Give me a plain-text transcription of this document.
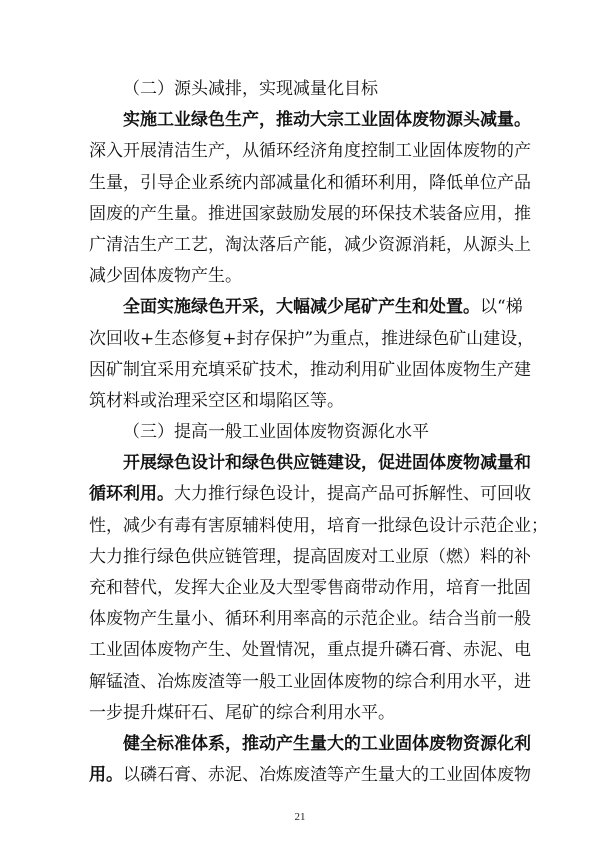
（二）源头减排，实现减量化目标
实施工业绿色生产，推动大宗工业固体废物源头减量。
深入开展清洁生产，从循环经济角度控制工业固体废物的产
生量，引导企业系统内部减量化和循环利用，降低单位产品
固废的产生量。推进国家鼓励发展的环保技术装备应用，推
广清洁生产工艺，淘汰落后产能，减少资源消耗，从源头上
减少固体废物产生。
全面实施绿色开采，大幅减少尾矿产生和处置。以“梯
次回收+生态修复+封存保护”为重点，推进绿色矿山建设，
因矿制宜采用充填采矿技术，推动利用矿业固体废物生产建
筑材料或治理采空区和塌陷区等。
（三）提高一般工业固体废物资源化水平
开展绿色设计和绿色供应链建设，促进固体废物减量和
循环利用。大力推行绿色设计，提高产品可拆解性、可回收
性，减少有毒有害原辅料使用，培育一批绿色设计示范企业；
大力推行绿色供应链管理，提高固废对工业原（燃）料的补
充和替代，发挥大企业及大型零售商带动作用，培育一批固
体废物产生量小、循环利用率高的示范企业。结合当前一般
工业固体废物产生、处置情况，重点提升磷石膏、赤泥、电
解锰渣、冶炼废渣等一般工业固体废物的综合利用水平，进
一步提升煤矸石、尾矿的综合利用水平。
健全标准体系，推动产生量大的工业固体废物资源化利
用。以磷石膏、赤泥、冶炼废渣等产生量大的工业固体废物
21
